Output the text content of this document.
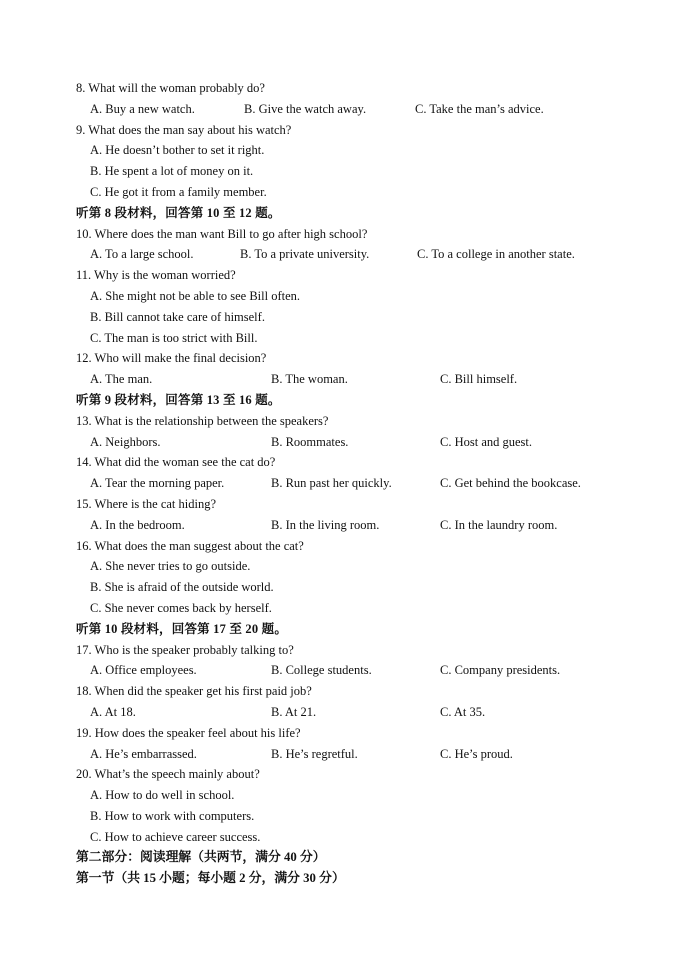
8. What will the woman probably do?
A. Buy a new watch.	B. Give the watch away.	C. Take the man’s advice.
9. What does the man say about his watch?
A. He doesn’t bother to set it right.
B. He spent a lot of money on it.
C. He got it from a family member.
听第 8 段材料，回答第 10 至 12 题。
10. Where does the man want Bill to go after high school?
A. To a large school.	B. To a private university.	C. To a college in another state.
11. Why is the woman worried?
A. She might not be able to see Bill often.
B. Bill cannot take care of himself.
C. The man is too strict with Bill.
12. Who will make the final decision?
A. The man.	B. The woman.	C. Bill himself.
听第 9 段材料，回答第 13 至 16 题。
13. What is the relationship between the speakers?
A. Neighbors.	B. Roommates.	C. Host and guest.
14. What did the woman see the cat do?
A. Tear the morning paper.	B. Run past her quickly.	C. Get behind the bookcase.
15. Where is the cat hiding?
A. In the bedroom.	B. In the living room.	C. In the laundry room.
16. What does the man suggest about the cat?
A. She never tries to go outside.
B. She is afraid of the outside world.
C. She never comes back by herself.
听第 10 段材料，回答第 17 至 20 题。
17. Who is the speaker probably talking to?
A. Office employees.	B. College students.	C. Company presidents.
18. When did the speaker get his first paid job?
A. At 18.	B. At 21.	C. At 35.
19. How does the speaker feel about his life?
A. He’s embarrassed.	B. He’s regretful.	C. He’s proud.
20. What’s the speech mainly about?
A. How to do well in school.
B. How to work with computers.
C. How to achieve career success.
第二部分：阅读理解（共两节，满分 40 分）
第一节（共 15 小题；每小题 2 分，满分 30 分）
